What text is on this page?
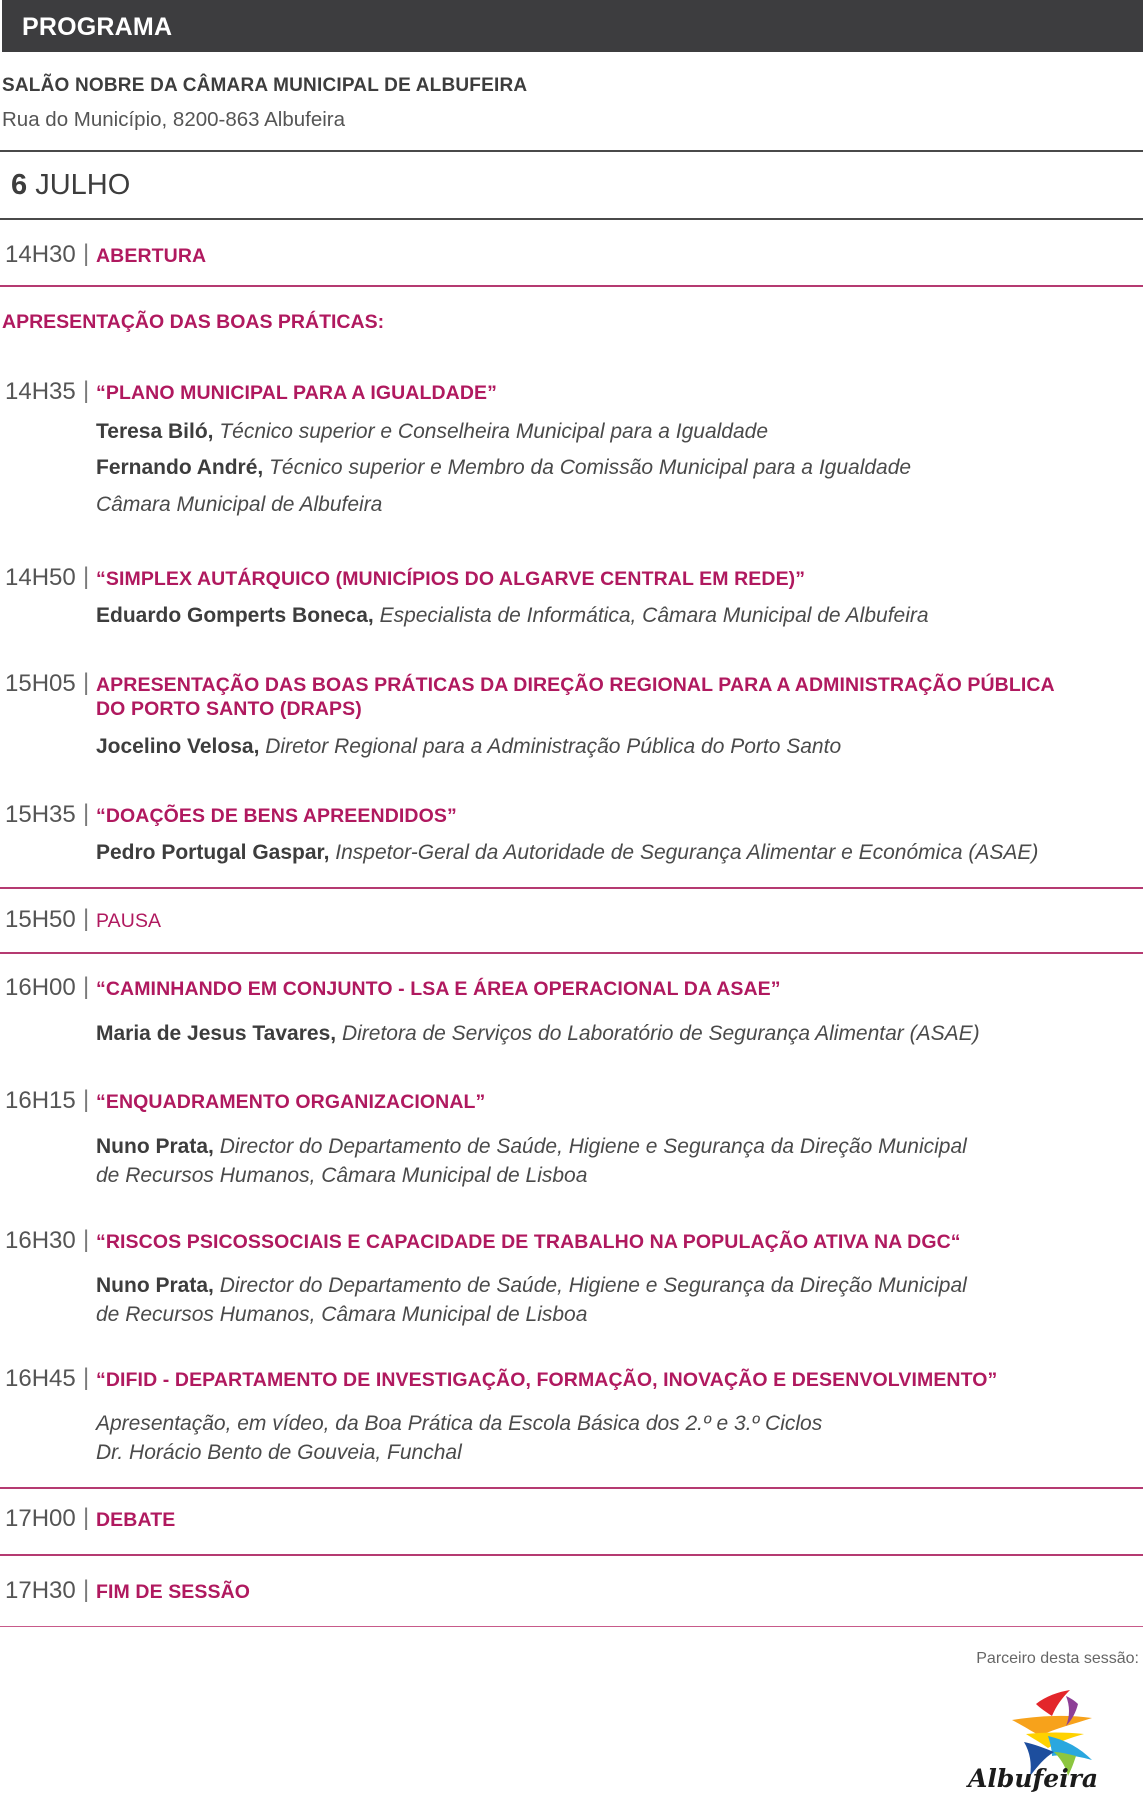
PROGRAMA
SALÃO NOBRE DA CÂMARA MUNICIPAL DE ALBUFEIRA
Rua do Município, 8200-863 Albufeira
6 JULHO
14H30 | ABERTURA
APRESENTAÇÃO DAS BOAS PRÁTICAS:
14H35 | “PLANO MUNICIPAL PARA A IGUALDADE”
Teresa Biló, Técnico superior e Conselheira Municipal para a Igualdade
Fernando André, Técnico superior e Membro da Comissão Municipal para a Igualdade
Câmara Municipal de Albufeira
14H50 | “SIMPLEX AUTÁRQUICO (MUNICÍPIOS DO ALGARVE CENTRAL EM REDE)”
Eduardo Gomperts Boneca, Especialista de Informática, Câmara Municipal de Albufeira
15H05 | APRESENTAÇÃO DAS BOAS PRÁTICAS DA DIREÇÃO REGIONAL PARA A ADMINISTRAÇÃO PÚBLICA
DO PORTO SANTO (DRAPS)
Jocelino Velosa, Diretor Regional para a Administração Pública do Porto Santo
15H35 | “DOAÇÕES DE BENS APREENDIDOS”
Pedro Portugal Gaspar, Inspetor-Geral da Autoridade de Segurança Alimentar e Económica (ASAE)
15H50 | PAUSA
16H00 | “CAMINHANDO EM CONJUNTO - LSA E ÁREA OPERACIONAL DA ASAE”
Maria de Jesus Tavares, Diretora de Serviços do Laboratório de Segurança Alimentar (ASAE)
16H15 | “ENQUADRAMENTO ORGANIZACIONAL”
Nuno Prata, Director do Departamento de Saúde, Higiene e Segurança da Direção Municipal
de Recursos Humanos, Câmara Municipal de Lisboa
16H30 | “RISCOS PSICOSSOCIAIS E CAPACIDADE DE TRABALHO NA POPULAÇÃO ATIVA NA DGC“
Nuno Prata, Director do Departamento de Saúde, Higiene e Segurança da Direção Municipal
de Recursos Humanos, Câmara Municipal de Lisboa
16H45 | “DIFID - DEPARTAMENTO DE INVESTIGAÇÃO, FORMAÇÃO, INOVAÇÃO E DESENVOLVIMENTO”
Apresentação, em vídeo, da Boa Prática da Escola Básica dos 2.º e 3.º Ciclos
Dr. Horácio Bento de Gouveia, Funchal
17H00 | DEBATE
17H30 | FIM DE SESSÃO
Parceiro desta sessão:
Albufeira
